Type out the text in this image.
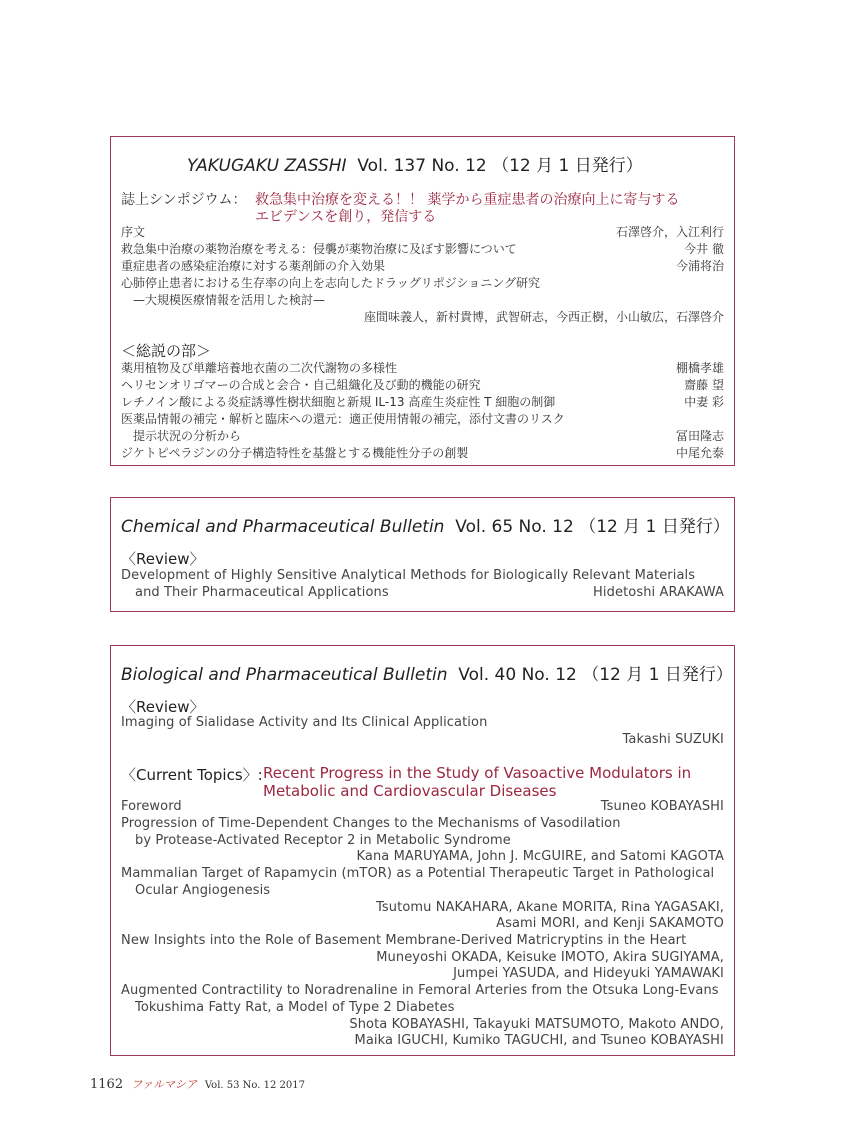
YAKUGAKU ZASSHI Vol. 137 No. 12 （12 月 1 日発行）
誌上シンポジウム： 救急集中治療を変える！！ 薬学から重症患者の治療向上に寄与する
エビデンスを創り，発信する
序文	石澤啓介，入江利行
救急集中治療の薬物治療を考える：侵襲が薬物治療に及ぼす影響について	今井 徹
重症患者の感染症治療に対する薬剤師の介入効果	今浦将治
心肺停止患者における生存率の向上を志向したドラッグリポジショニング研究
—大規模医療情報を活用した検討—
座間味義人，新村貴博，武智研志，今西正樹，小山敏広，石澤啓介
＜総説の部＞
薬用植物及び単離培養地衣菌の二次代謝物の多様性	棚橋孝雄
ヘリセンオリゴマーの合成と会合・自己組織化及び動的機能の研究	齋藤 望
レチノイン酸による炎症誘導性樹状細胞と新規 IL-13 高産生炎症性 T 細胞の制御	中妻 彩
医薬品情報の補完・解析と臨床への還元：適正使用情報の補完，添付文書のリスク
提示状況の分析から	冨田隆志
ジケトピペラジンの分子構造特性を基盤とする機能性分子の創製	中尾允泰
Chemical and Pharmaceutical Bulletin Vol. 65 No. 12 （12 月 1 日発行）
〈Review〉
Development of Highly Sensitive Analytical Methods for Biologically Relevant Materials
and Their Pharmaceutical Applications	Hidetoshi ARAKAWA
Biological and Pharmaceutical Bulletin Vol. 40 No. 12 （12 月 1 日発行）
〈Review〉
Imaging of Sialidase Activity and Its Clinical Application
Takashi SUZUKI
〈Current Topics〉: Recent Progress in the Study of Vasoactive Modulators in
Metabolic and Cardiovascular Diseases
Foreword	Tsuneo KOBAYASHI
Progression of Time-Dependent Changes to the Mechanisms of Vasodilation
by Protease-Activated Receptor 2 in Metabolic Syndrome
Kana MARUYAMA, John J. McGUIRE, and Satomi KAGOTA
Mammalian Target of Rapamycin (mTOR) as a Potential Therapeutic Target in Pathological
Ocular Angiogenesis
Tsutomu NAKAHARA, Akane MORITA, Rina YAGASAKI,
Asami MORI, and Kenji SAKAMOTO
New Insights into the Role of Basement Membrane-Derived Matricryptins in the Heart
Muneyoshi OKADA, Keisuke IMOTO, Akira SUGIYAMA,
Jumpei YASUDA, and Hideyuki YAMAWAKI
Augmented Contractility to Noradrenaline in Femoral Arteries from the Otsuka Long-Evans
Tokushima Fatty Rat, a Model of Type 2 Diabetes
Shota KOBAYASHI, Takayuki MATSUMOTO, Makoto ANDO,
Maika IGUCHI, Kumiko TAGUCHI, and Tsuneo KOBAYASHI
1162 ファルマシア Vol. 53 No. 12 2017
